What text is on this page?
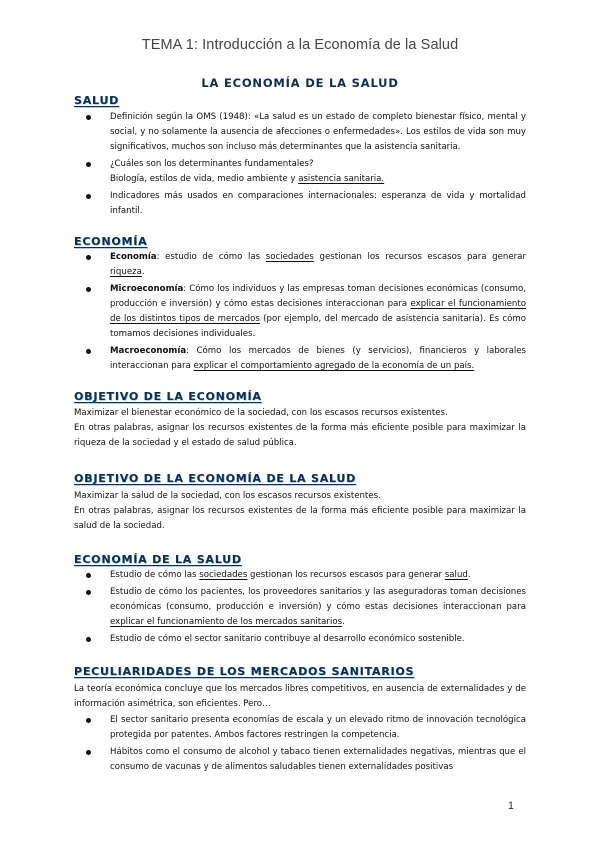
TEMA 1: Introducción a la Economía de la Salud
LA ECONOMÍA DE LA SALUD
SALUD
Definición según la OMS (1948): «La salud es un estado de completo bienestar físico, mental y social, y no solamente la ausencia de afecciones o enfermedades». Los estilos de vida son muy significativos, muchos son incluso más determinantes que la asistencia sanitaria.
¿Cuáles son los determinantes fundamentales?
Biología, estilos de vida, medio ambiente y asistencia sanitaria.
Indicadores más usados en comparaciones internacionales: esperanza de vida y mortalidad infantil.
ECONOMÍA
Economía: estudio de cómo las sociedades gestionan los recursos escasos para generar riqueza.
Microeconomía: Cómo los individuos y las empresas toman decisiones económicas (consumo, producción e inversión) y cómo estas decisiones interaccionan para explicar el funcionamiento de los distintos tipos de mercados (por ejemplo, del mercado de asistencia sanitaria). Es cómo tomamos decisiones individuales.
Macroeconomía: Cómo los mercados de bienes (y servicios), financieros y laborales interaccionan para explicar el comportamiento agregado de la economía de un país.
OBJETIVO DE LA ECONOMÍA
Maximizar el bienestar económico de la sociedad, con los escasos recursos existentes.
En otras palabras, asignar los recursos existentes de la forma más eficiente posible para maximizar la riqueza de la sociedad y el estado de salud pública.
OBJETIVO DE LA ECONOMÍA DE LA SALUD
Maximizar la salud de la sociedad, con los escasos recursos existentes.
En otras palabras, asignar los recursos existentes de la forma más eficiente posible para maximizar la salud de la sociedad.
ECONOMÍA DE LA SALUD
Estudio de cómo las sociedades gestionan los recursos escasos para generar salud.
Estudio de cómo los pacientes, los proveedores sanitarios y las aseguradoras toman decisiones económicas (consumo, producción e inversión) y cómo estas decisiones interaccionan para explicar el funcionamiento de los mercados sanitarios.
Estudio de cómo el sector sanitario contribuye al desarrollo económico sostenible.
PECULIARIDADES DE LOS MERCADOS SANITARIOS
La teoría económica concluye que los mercados libres competitivos, en ausencia de externalidades y de información asimétrica, son eficientes. Pero…
El sector sanitario presenta economías de escala y un elevado ritmo de innovación tecnológica protegida por patentes. Ambos factores restringen la competencia.
Hábitos como el consumo de alcohol y tabaco tienen externalidades negativas, mientras que el consumo de vacunas y de alimentos saludables tienen externalidades positivas
1
